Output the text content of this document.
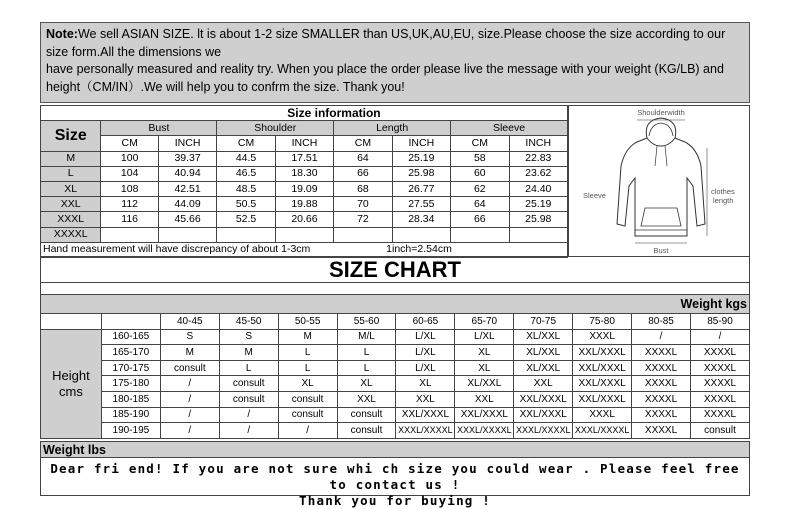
Note:We sell ASIAN SIZE. lt is about 1-2 size SMALLER than US,UK,AU,EU, size.Please choose the size according to our size form.All the dimensions we
have personally measured and reality try. When you place the order please live the message with your weight (KG/LB) and height（CM/IN）.We will help you to confrm the size. Thank you!
	Size information							
Size	Bust		Shoulder		Length		Sleeve	
	CM	INCH	CM	INCH	CM	INCH	CM	INCH
M	100	39.37	44.5	17.51	64	25.19	58	22.83
L	104	40.94	46.5	18.30	66	25.98	60	23.62
XL	108	42.51	48.5	19.09	68	26.77	62	24.40
XXL	112	44.09	50.5	19.88	70	27.55	64	25.19
XXXL	116	45.66	52.5	20.66	72	28.34	66	25.98
XXXXL								
Hand measurement will have discrepancy of about 1-3cm 1inch=2.54cm								
Shoulderwidth
Sleeve	clothes
length
Bust
SIZE CHART
Weight kgs
		40-45	45-50	50-55	55-60	60-65	65-70	70-75	75-80	80-85	85-90

Height
cms	160-165	S	S	M	M/L	L/XL	L/XL	XL/XXL	XXXL	/	/
	165-170	M	M	L	L	L/XL	XL	XL/XXL	XXL/XXXL	XXXXL	XXXXL
	170-175	consult	L	L	L	L/XL	XL	XL/XXL	XXL/XXXL	XXXXL	XXXXL
	175-180	/	consult	XL	XL	XL	XL/XXL	XXL	XXL/XXXL	XXXXL	XXXXL
	180-185	/	consult	consult	XXL	XXL	XXL	XXL/XXXL	XXL/XXXL	XXXXL	XXXXL
	185-190	/	/	consult	consult	XXL/XXXL	XXL/XXXL	XXL/XXXL	XXXL	XXXXL	XXXXL
	190-195	/	/	/	consult	XXXL/XXXXL	XXXL/XXXXL	XXXL/XXXXL	XXXL/XXXXL	XXXXL	consult
Weight lbs
Dear fri end! If you are not sure whi ch size you could wear . Please feel free to contact us !
Thank you for buying !
